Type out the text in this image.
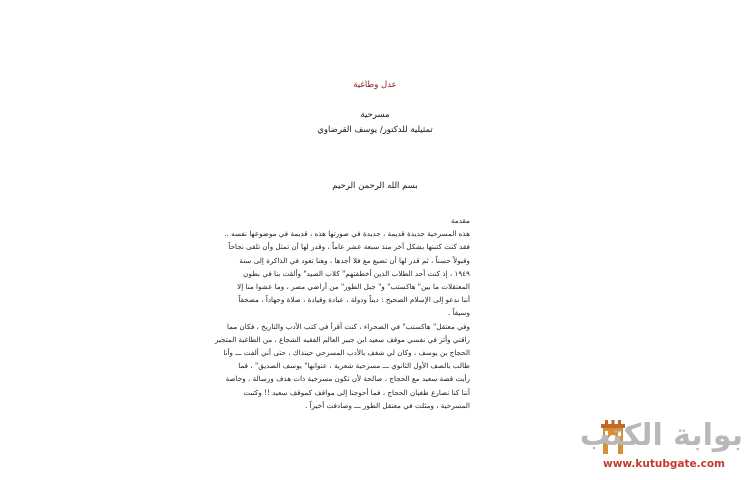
عدل وطاغية
مسرحية
تمثيلية للدكتور/ يوسف القرضاوي
بسم الله الرحمن الرحيم
مقدمة
هذه المسرحية جديدة قديمة ، جديدة في صورتها هذه ، قديمة في موضوعها نفسه ..
فقد كنت كتبتها بشكل آخر منذ سبعة عشر عاماً ، وقدر لها أن تمثل وأن تلقى نجاحاً
وقبولاً حسناً ، ثم قدر لها أن تضيع مع فلا أجدها ، وهنا تعود في الذاكرة إلى سنة
١٩٤٩ ، إذ كنت أحد الطلاب الذين أخطفتهم" كلاب الصيد" وألقت بنا في بطون
المعتقلات ما بين" هاكستب" و" جبل الطور" من أراضي مصر ، وما عشوا منا إلا
أننا ندعو إلى الإسلام الصحيح : ديناً ودولة ، عبادة وقيادة ، صلاة وجهاداً ، مصحفاً
وسيفاً .
وفي معتقل" هاكستب" في الصحراء ، كنت أقرأ في كتب الأدب والتاريخ ، فكان مما
راقني وأثر في نفسي موقف سعيد ابن جبير العالم الفقيه الشجاع ، من الطاغية المتجبر
الحجاج بن يوسف ، وكان لي شغف بالأدب المسرحي حينذاك ، حتى أني ألفت ـــ وأنا
طالب بالصف الأول الثانوي ـــ مسرحية شعرية ، عنوانها" يوسف الصديق" ، فما
رأيت قصة سعيد مع الحجاج ، صالحة لأن تكون مسرحية ذات هدف ورسالة ، وخاصة
أننا كنا نصارع طغيان الحجاج ، فما أحوجنا إلى مواقف كموقف سعيد !! وكتبت
المسرحية ، ومثلت في معتقل الطور ـــ وصادفت أخيراً .
بوابة الكتب
www.kutubgate.com
